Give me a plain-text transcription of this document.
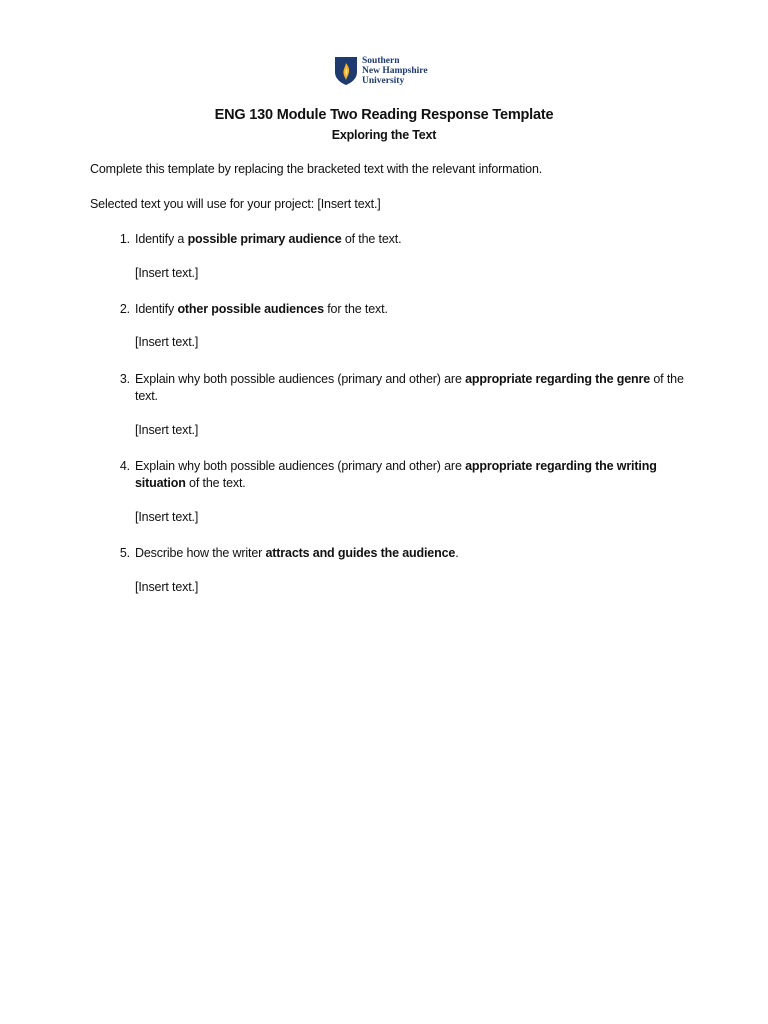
Southern
New Hampshire
University
ENG 130 Module Two Reading Response Template
Exploring the Text
Complete this template by replacing the bracketed text with the relevant information.
Selected text you will use for your project: [Insert text.]
1. Identify a possible primary audience of the text.
[Insert text.]
2. Identify other possible audiences for the text.
[Insert text.]
3. Explain why both possible audiences (primary and other) are appropriate regarding the genre of the text.
[Insert text.]
4. Explain why both possible audiences (primary and other) are appropriate regarding the writing situation of the text.
[Insert text.]
5. Describe how the writer attracts and guides the audience.
[Insert text.]
